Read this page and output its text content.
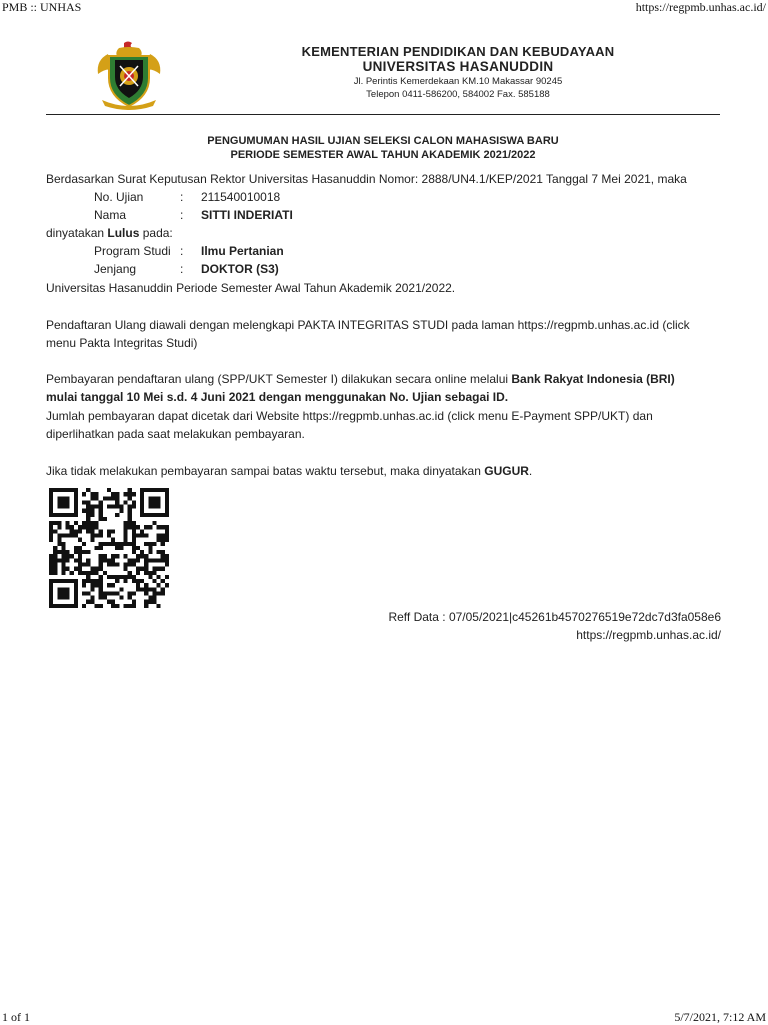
PMB :: UNHAS	https://regpmb.unhas.ac.id/
KEMENTERIAN PENDIDIKAN DAN KEBUDAYAAN
UNIVERSITAS HASANUDDIN
Jl. Perintis Kemerdekaan KM.10 Makassar 90245
Telepon 0411-586200, 584002 Fax. 585188
PENGUMUMAN HASIL UJIAN SELEKSI CALON MAHASISWA BARU
PERIODE SEMESTER AWAL TAHUN AKADEMIK 2021/2022
Berdasarkan Surat Keputusan Rektor Universitas Hasanuddin Nomor: 2888/UN4.1/KEP/2021 Tanggal 7 Mei 2021, maka
No. Ujian	: 211540010018
Nama	: SITTI INDERIATI
dinyatakan Lulus pada:
Program Studi : Ilmu Pertanian
Jenjang	: DOKTOR (S3)
Universitas Hasanuddin Periode Semester Awal Tahun Akademik 2021/2022.
Pendaftaran Ulang diawali dengan melengkapi PAKTA INTEGRITAS STUDI pada laman https://regpmb.unhas.ac.id (click
menu Pakta Integritas Studi)
Pembayaran pendaftaran ulang (SPP/UKT Semester I) dilakukan secara online melalui Bank Rakyat Indonesia (BRI)
mulai tanggal 10 Mei s.d. 4 Juni 2021 dengan menggunakan No. Ujian sebagai ID.
Jumlah pembayaran dapat dicetak dari Website https://regpmb.unhas.ac.id (click menu E-Payment SPP/UKT) dan
diperlihatkan pada saat melakukan pembayaran.
Jika tidak melakukan pembayaran sampai batas waktu tersebut, maka dinyatakan GUGUR.
Reff Data : 07/05/2021|c45261b4570276519e72dc7d3fa058e6
https://regpmb.unhas.ac.id/
1 of 1	5/7/2021, 7:12 AM
